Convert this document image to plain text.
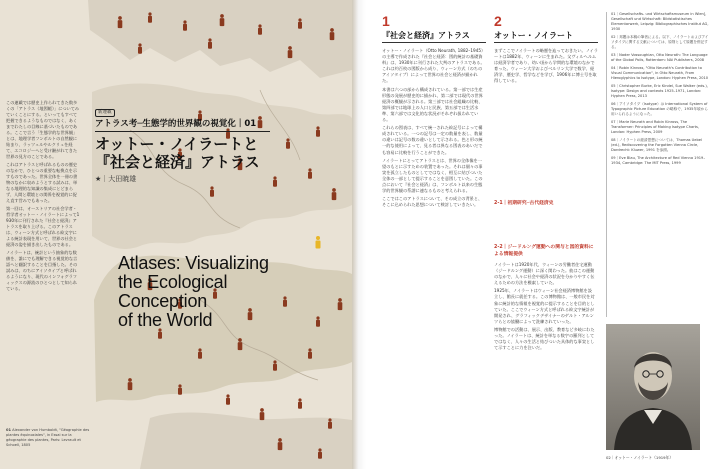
この連載では歴史上作られてきた数多くの「アトラス（地図帳）」についてみていくことにする。といってもすべて把握できるようなものではなく、あくまでわたしの目線に基づいたものである。ここで言う「生態学的な世界観」とは、地理学者フンボルトの自然観に始まり、ラッツェルやルクリュを経て、エコロジーへと受け継がれてきた世界の見方のことである。

これはアトラスと呼ばれるものの歴史のなかで、ひとつの重要な転換点を示すものであった。世界全体を一冊の書物のなかに収めようとする試みは、単なる地理的な知識の集成にとどまらず、人間と環境との関係を視覚的に捉え直す営みでもあった。

第一回は、オーストリアの社会学者・哲学者オットー・ノイラートによって1930年に刊行された『社会と経済』アトラスを取り上げる。このアトラスは、ウィーン方式と呼ばれる絵文字による統計表現を用いて、世界の社会と経済の姿を描き出したものである。

ノイラートは、統計という抽象的な数値を、誰にでも理解できる視覚的な言語へと翻訳することを目指した。その試みは、のちにアイソタイプと呼ばれるようになり、現代のインフォグラフィックスの源流のひとつとして知られている。

新連載
アトラス考─生態学的世界観の視覚化｜01
オットー・ノイラートと
『社会と経済』アトラス
★｜大田暁雄
Atlases: Visualizing
the Ecological
Conception
of the World
01 Alexander von Humboldt, "Géographie des plantes équinoxiales", in Essai sur la géographie des plantes, Paris: Levrault et Schoell, 1805
1
『社会と経済』アトラス
2
オットー・ノイラート

オットー・ノイラート（Otto Neurath, 1882–1945）の主導で作成された『社会と経済：図的統計の基礎資料』は、1930年に刊行された大判のアトラスである。これは約百枚の図版から成り、ウィーン方式（のちのアイソタイプ）によって世界の社会と経済が描かれた。

本書は六つの部から構成されている。第一部では生産形態の発展が歴史的に描かれ、第二部では現代の世界経済の概観が示される。第三部では社会組織の比較、第四部では地球上の人口と民族、第五部では生活水準、第六部では文化的な状況がそれぞれ扱われている。

これらの図表は、すべて統一された絵記号によって構成されている。一つの記号は一定の数量を表し、数量の違いは記号の数の違いとして示される。色と形の統一的な使用によって、見る者は異なる図表のあいだでも容易に比較を行うことができた。

ノイラートにとってアトラスとは、世界の全体像を一望のもとに示すための装置であった。それは個々の事実を孤立したものとしてではなく、相互に結びついた全体の一部として提示することを意図していた。この点において『社会と経済』は、フンボルト以来の生態学的世界観の系譜に連なるものと考えられる。

ここではこのアトラスについて、その成立の背景と、そこに込められた思想について検討していきたい。

まずここでノイラートの略歴を辿っておきたい。ノイラートは1882年、ウィーンに生まれた。父ヴィルヘルムは経済学者であり、幼い頃から学問的な環境のなかで育った。ウィーン大学およびベルリン大学で数学、経済学、歴史学、哲学などを学び、1906年に博士号を取得している。

2-1｜初期研究─古代経済史
2-2｜ジードルング運動への関与と図的資料による情報提供

ノイラートは1920年代、ウィーンの労働者住宅運動（ジードルング運動）に深く関わった。彼はこの運動のなかで、人々に社会や経済の状況を分かりやすく伝えるための方法を模索していた。

1925年、ノイラートはウィーン社会経済博物館を設立し、館長に就任する。この博物館は、一般市民を対象に統計的な情報を視覚的に提示することを目的としていた。ここでウィーン方式と呼ばれる絵文字統計が開発され、グラフィックデザイナーのゲルト・アルンツらとの協働によって洗練されていった。

博物館での活動は、展示、出版、教育など多岐にわたった。ノイラートは、統計を単なる数字の羅列としてではなく、人々の生活と結びついた具体的な事実として示すことに力を注いだ。

01｜Gesellschafts- und Wirtschaftsmuseum in Wien], Gesellschaft und Wirtschaft: Bildstatistisches Elementarwerk, Leipzig: Bibliographisches Institut AG, 1930

02｜邦題は本稿の筆者による。以下、ノイラートおよびアイソタイプに関する文献については、原則として原題を併記する。

03｜Nader Vossoughian, Otto Neurath: The Language of the Global Polis, Rotterdam: NAi Publishers, 2008

04｜Robin Kinross, "Otto Neurath's Contribution to Visual Communication", in Otto Neurath, From Hieroglyphics to Isotype, London: Hyphen Press, 2010

05｜Christopher Burke, Eric Kindel, Sue Walker (eds.), Isotype: Design and contexts 1925–1971, London: Hyphen Press, 2013

06｜アイソタイプ（Isotype）は International System of Typographic Picture Education の略称で、1935年頃から用いられるようになった。

07｜Marie Neurath and Robin Kinross, The Transformer: Principles of Making Isotype Charts, London: Hyphen Press, 2009

08｜ノイラートの経済思想については、Thomas Uebel (ed.), Rediscovering the Forgotten Vienna Circle, Dordrecht: Kluwer, 1991 を参照。

09｜Eve Blau, The Architecture of Red Vienna 1919–1934, Cambridge: The MIT Press, 1999

02｜オットー・ノイラート（1919年）
